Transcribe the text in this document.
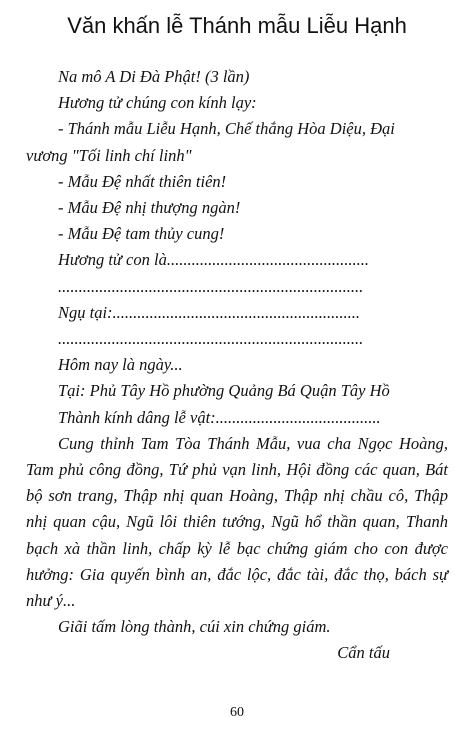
Văn khấn lễ Thánh mẫu Liễu Hạnh
Na mô A Di Đà Phật! (3 lần)
Hương tử chúng con kính lạy:
- Thánh mẫu Liễu Hạnh, Chế thắng Hòa Diệu, Đại
vương "Tối linh chí linh"
- Mẫu Đệ nhất thiên tiên!
- Mẫu Đệ nhị thượng ngàn!
- Mẫu Đệ tam thủy cung!
Hương tử con là.................................................
..........................................................................
Ngụ tại:............................................................
..........................................................................
Hôm nay là ngày...
Tại: Phủ Tây Hồ phường Quảng Bá Quận Tây Hồ
Thành kính dâng lễ vật:........................................
Cung thỉnh Tam Tòa Thánh Mẫu, vua cha Ngọc Hoàng, Tam phủ công đồng, Tứ phủ vạn linh, Hội đồng các quan, Bát bộ sơn trang, Thập nhị quan Hoàng, Thập nhị chầu cô, Thập nhị quan cậu, Ngũ lôi thiên tướng, Ngũ hổ thần quan, Thanh bạch xà thần linh, chấp kỳ lễ bạc chứng giám cho con được hưởng: Gia quyến bình an, đắc lộc, đắc tài, đắc thọ, bách sự như ý...
Giãi tấm lòng thành, cúi xin chứng giám.
Cẩn tấu
60
